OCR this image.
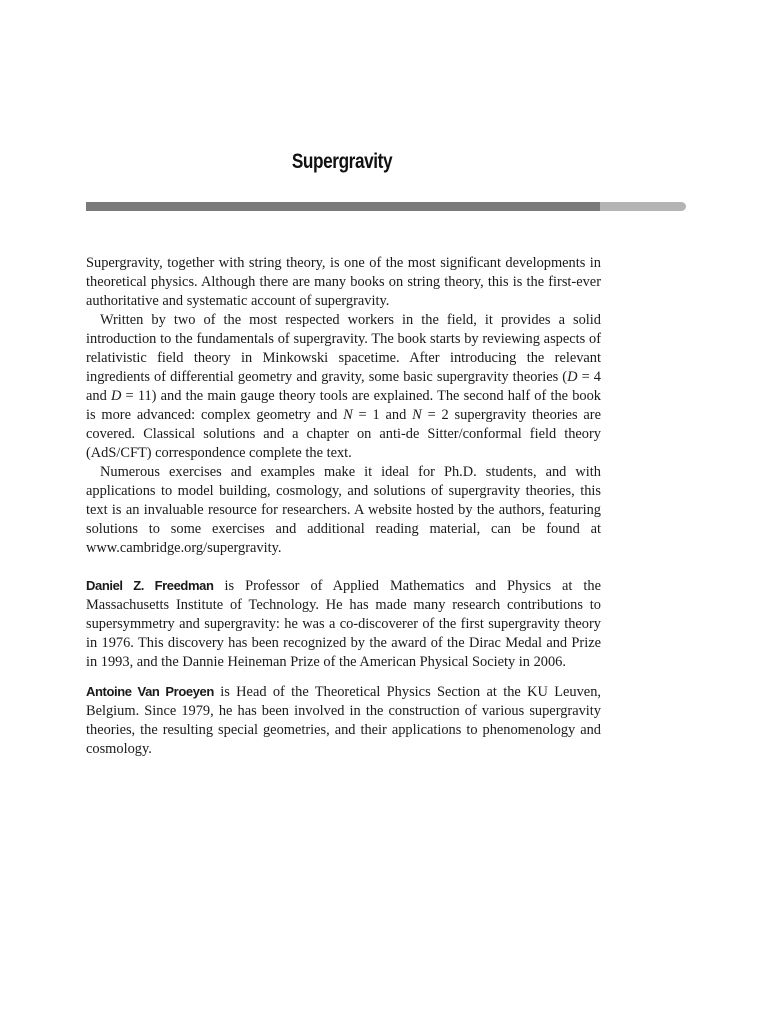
Supergravity

Supergravity, together with string theory, is one of the most significant developments in theoretical physics. Although there are many books on string theory, this is the first-ever authoritative and systematic account of supergravity.

Written by two of the most respected workers in the field, it provides a solid introduction to the fundamentals of supergravity. The book starts by reviewing aspects of relativistic field theory in Minkowski spacetime. After introducing the relevant ingredients of differential geometry and gravity, some basic supergravity theories (D = 4 and D = 11) and the main gauge theory tools are explained. The second half of the book is more advanced: complex geometry and N = 1 and N = 2 supergravity theories are covered. Classical solutions and a chapter on anti-de Sitter/conformal field theory (AdS/CFT) correspondence complete the text.

Numerous exercises and examples make it ideal for Ph.D. students, and with applications to model building, cosmology, and solutions of supergravity theories, this text is an invaluable resource for researchers. A website hosted by the authors, featuring solutions to some exercises and additional reading material, can be found at www.cambridge.org/supergravity.

Daniel Z. Freedman is Professor of Applied Mathematics and Physics at the Massachusetts Institute of Technology. He has made many research contributions to supersymmetry and supergravity: he was a co-discoverer of the first supergravity theory in 1976. This discovery has been recognized by the award of the Dirac Medal and Prize in 1993, and the Dannie Heineman Prize of the American Physical Society in 2006.

Antoine Van Proeyen is Head of the Theoretical Physics Section at the KU Leuven, Belgium. Since 1979, he has been involved in the construction of various supergravity theories, the resulting special geometries, and their applications to phenomenology and cosmology.
